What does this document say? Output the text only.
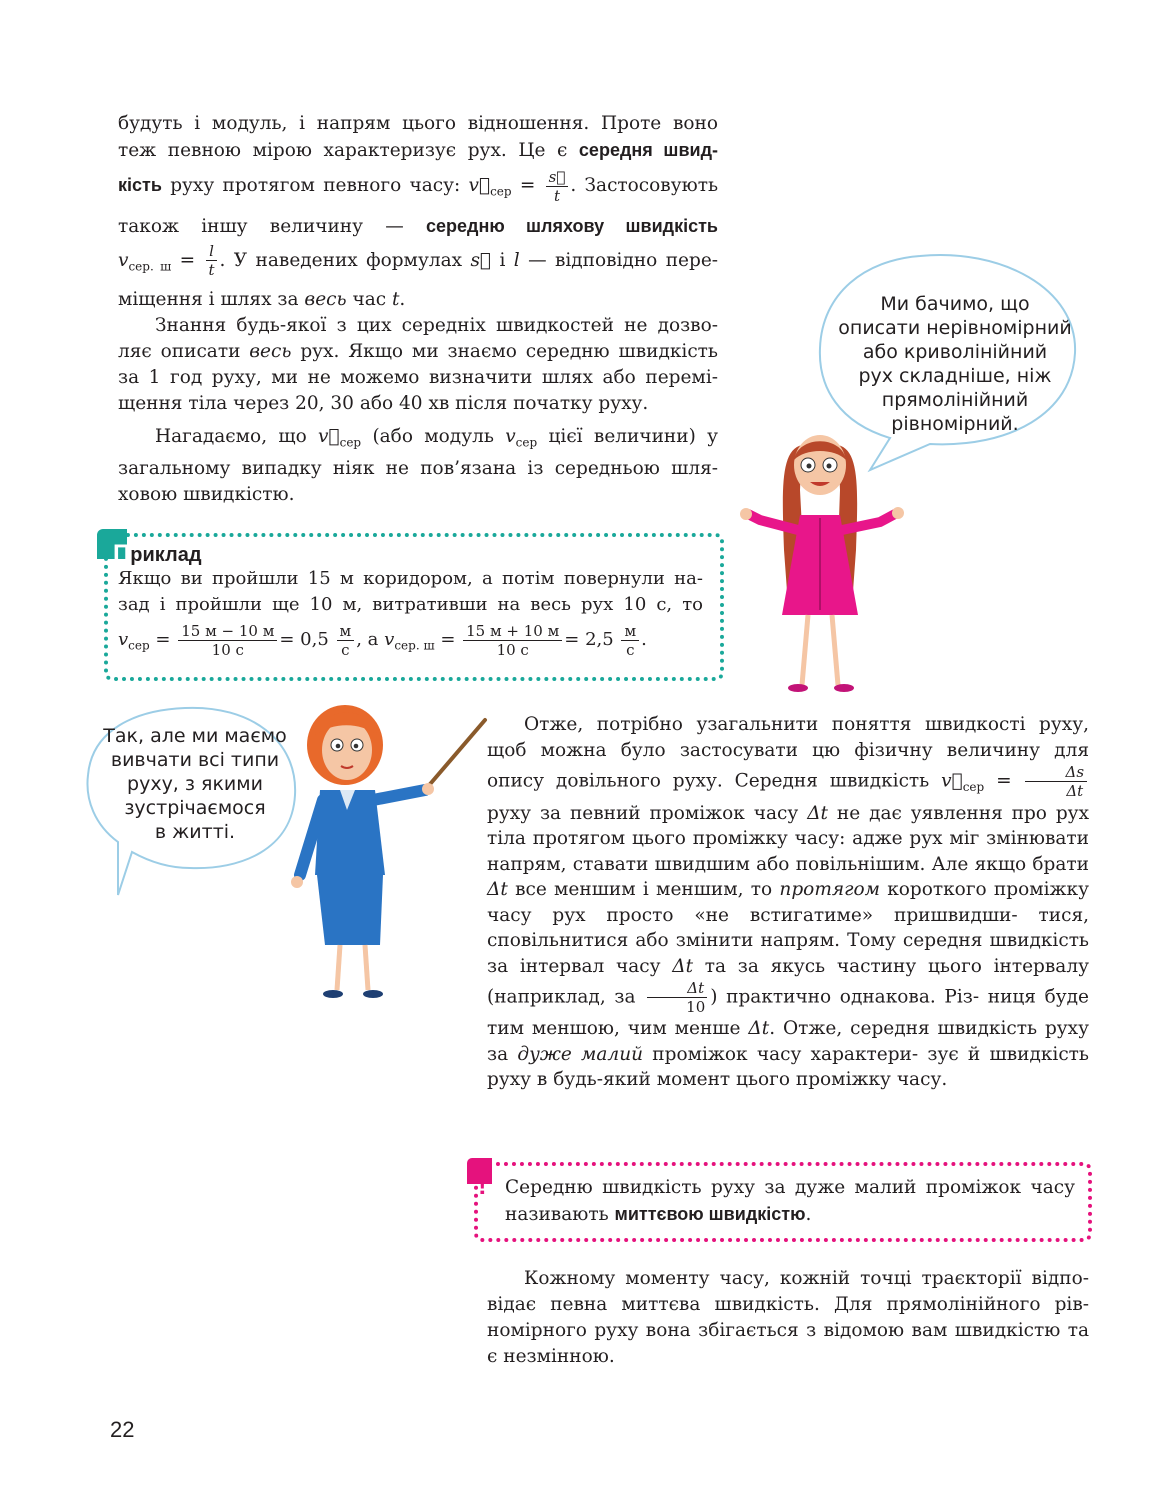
будуть і модуль, і напрям цього відношення. Проте воно

теж певною мірою характеризує рух. Це є середня швид-

кість руху протягом певного часу: $v⃗_{сер} = \frac{s⃗}{t}$ . Застосовують

також іншу величину — середню шляхову швидкість

$v_{сер. ш} = \frac{l}{t}$ . У наведених формулах s⃗ і l — відповідно пере-

міщення і шлях за весь час t.

Знання будь-якої з цих середніх швидкостей не дозво- ляє описати весь рух. Якщо ми знаємо середню швидкість за 1 год руху, ми не можемо визначити шлях або перемі- щення тіла через 20, 30 або 40 хв після початку руху.
Нагадаємо, що $v⃗_{сер}$ (або модуль $v_{сер}$ цієї величини) у загальному випадку ніяк не пов’язана із середньою шля- ховою швидкістю.
Приклад

Якщо ви пройшли 15 м коридором, а потім повернули на-

зад і пройшли ще 10 м, витративши на весь рух 10 с, то

$v_{сер} = \frac{15 м - 10 м}{10 с} = 0,5 \frac{м}{с}$ , а $v_{сер. ш} = \frac{15 м + 10 м}{10 с} = 2,5 \frac{м}{с}$ .

Ми бачимо, що
описати нерівномірний
або криволінійний
рух складніше, ніж
прямолінійний
рівномірний.
Так, але ми маємо
вивчати всі типи
руху, з якими
зустрічаємося
в житті.
Отже, потрібно узагальнити поняття швидкості руху, щоб можна було застосувати цю фізичну величину для опису довільного руху. Середня швидкість $v⃗_{сер} = \frac{\Delta s}{\Delta t}$
руху за певний проміжок часу Δt не дає уявлення про рух тіла протягом цього проміжку часу: адже рух міг змінювати напрям, ставати швидшим або повільнішим. Але якщо брати Δt все меншим і меншим, то протягом короткого проміжку часу рух просто «не встигатиме» пришвидши- тися, сповільнитися або змінити напрям. Тому середня швидкість за інтервал часу Δt та за якусь частину цього інтервалу (наприклад, за $\frac{\Delta t}{10}$ ) практично однакова. Різ- ниця буде тим меншою, чим менше Δt. Отже, середня швидкість руху за дуже малий проміжок часу характери- зує й швидкість руху в будь-який момент цього проміжку часу.
! Середню швидкість руху за дуже малий проміжок часу називають миттєвою швидкістю.
Кожному моменту часу, кожній точці траєкторії відпо- відає певна миттєва швидкість. Для прямолінійного рів- номірного руху вона збігається з відомою вам швидкістю та є незмінною.
22
